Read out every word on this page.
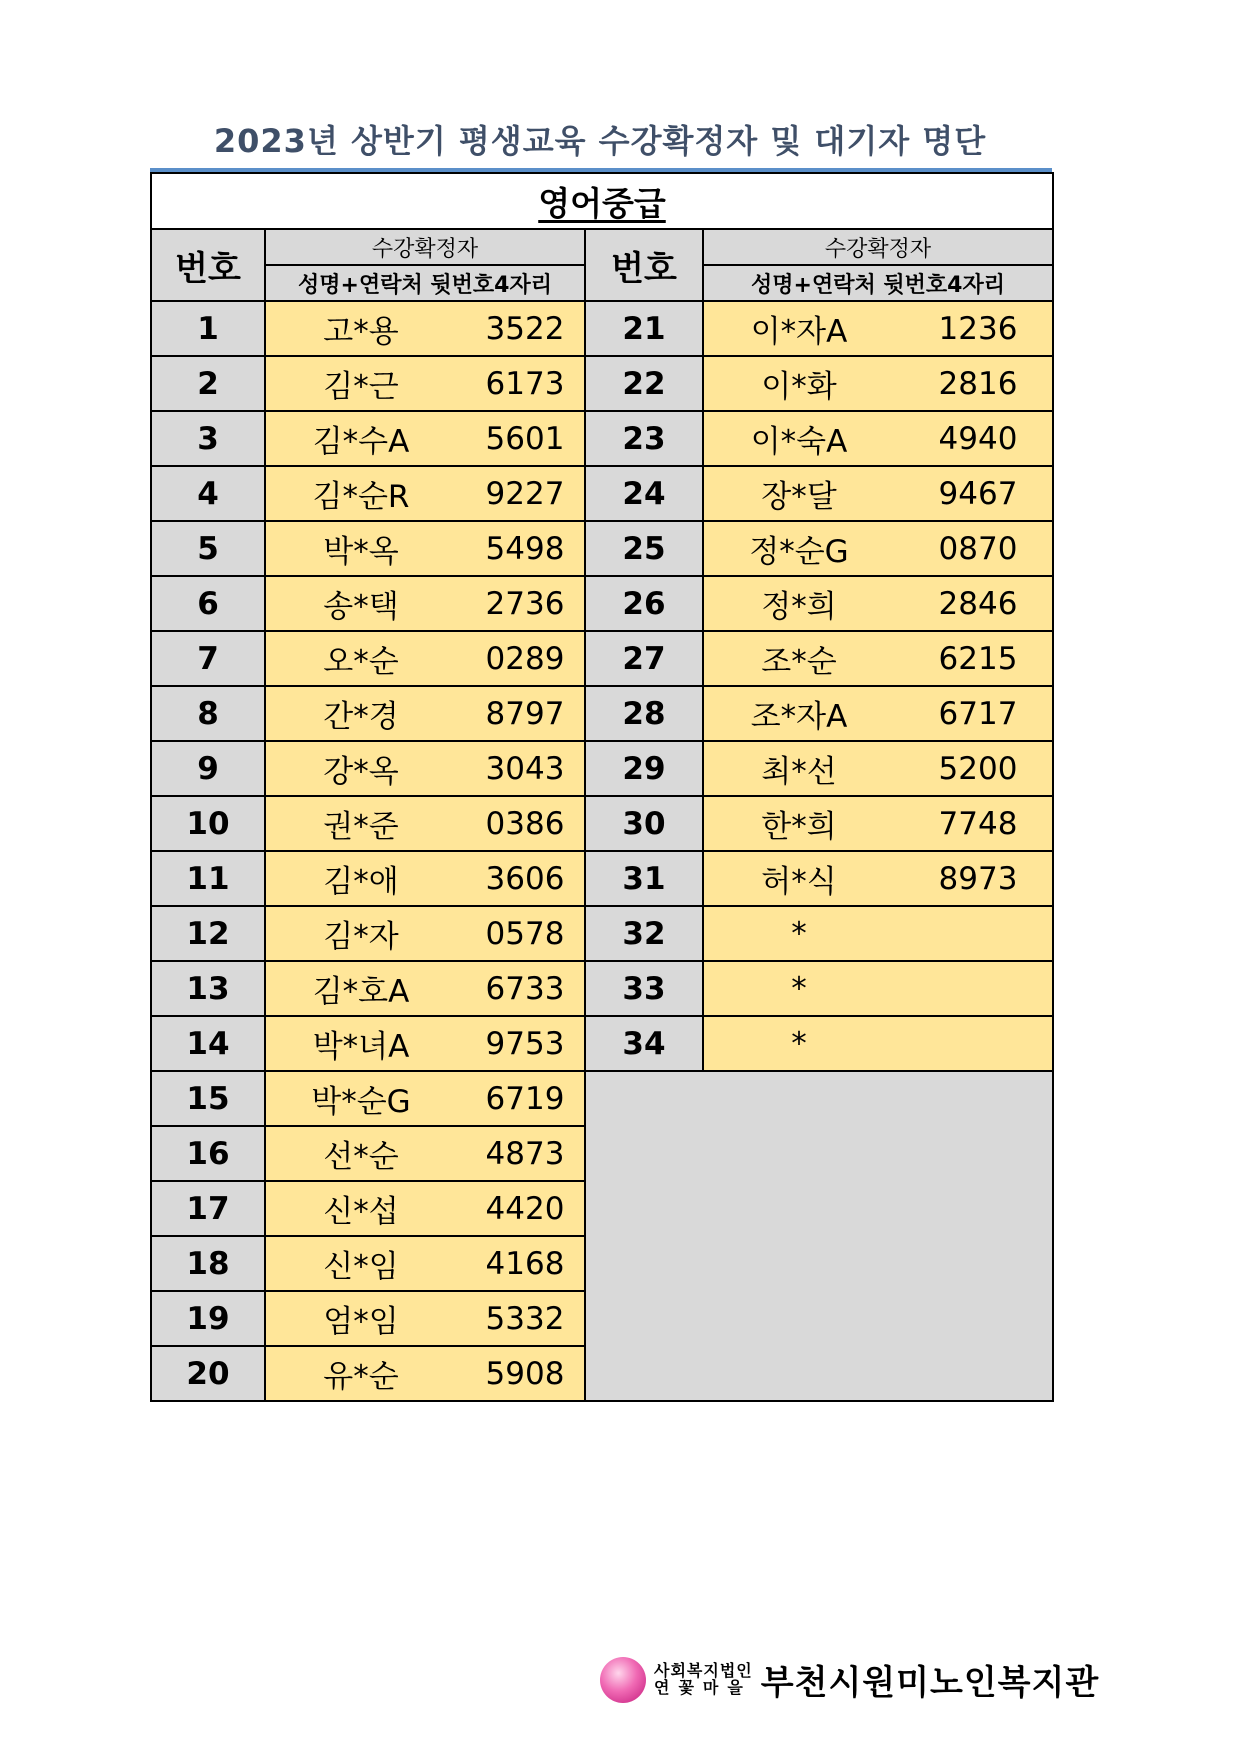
2023년 상반기 평생교육 수강확정자 및 대기자 명단
영어중급			
번호	수강확정자	번호	수강확정자
	성명+연락처 뒷번호4자리		성명+연락처 뒷번호4자리
1	고*용 3522	21	이*자A 1236

2	김*근 6173	22	이*화 2816

3	김*수A 5601	23	이*숙A 4940

4	김*순R 9227	24	장*달 9467

5	박*옥 5498	25	정*순G 0870

6	송*택 2736	26	정*희 2846

7	오*순 0289	27	조*순 6215

8	간*경 8797	28	조*자A 6717

9	강*옥 3043	29	최*선 5200

10	권*준 0386	30	한*희 7748

11	김*애 3606	31	허*식 8973

12	김*자 0578	32	*

13	김*호A 6733	33	*

14	박*녀A 9753	34	*

15	박*순G 6719		

16	선*순 4873		

17	신*섭 4420		

18	신*임 4168		

19	엄*임 5332		

20	유*순 5908		
사회복지법인
연꽃마을 부천시원미노인복지관
